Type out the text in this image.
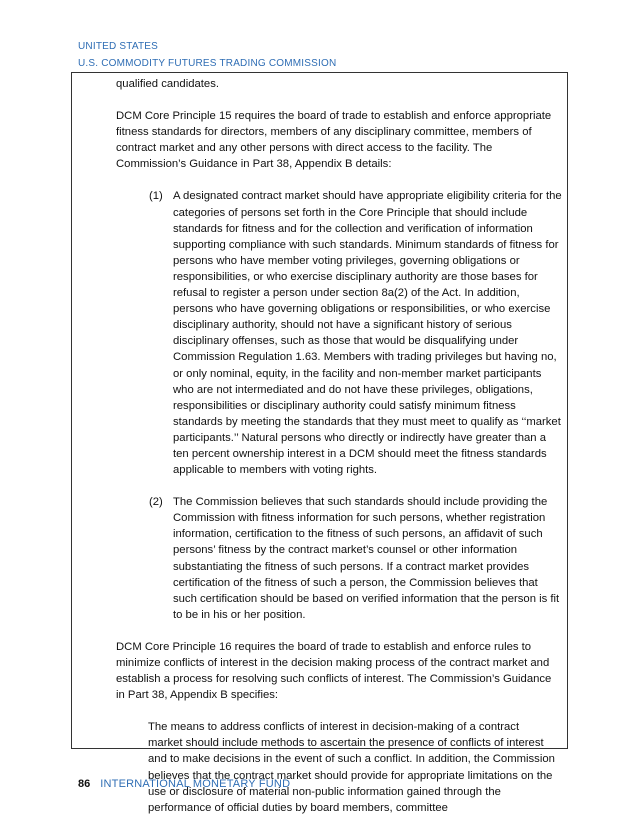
UNITED STATES
U.S. COMMODITY FUTURES TRADING COMMISSION

qualified candidates.

DCM Core Principle 15 requires the board of trade to establish and enforce appropriate fitness standards for directors, members of any disciplinary committee, members of contract market and any other persons with direct access to the facility. The Commission’s Guidance in Part 38, Appendix B details:

(1) A designated contract market should have appropriate eligibility criteria for the categories of persons set forth in the Core Principle that should include standards for fitness and for the collection and verification of information supporting compliance with such standards. Minimum standards of fitness for persons who have member voting privileges, governing obligations or responsibilities, or who exercise disciplinary authority are those bases for refusal to register a person under section 8a(2) of the Act. In addition, persons who have governing obligations or responsibilities, or who exercise disciplinary authority, should not have a significant history of serious disciplinary offenses, such as those that would be disqualifying under Commission Regulation 1.63. Members with trading privileges but having no, or only nominal, equity, in the facility and non-member market participants who are not intermediated and do not have these privileges, obligations, responsibilities or disciplinary authority could satisfy minimum fitness standards by meeting the standards that they must meet to qualify as ‘‘market participants.’’ Natural persons who directly or indirectly have greater than a ten percent ownership interest in a DCM should meet the fitness standards applicable to members with voting rights.
(2) The Commission believes that such standards should include providing the Commission with fitness information for such persons, whether registration information, certification to the fitness of such persons, an affidavit of such persons’ fitness by the contract market’s counsel or other information substantiating the fitness of such persons. If a contract market provides certification of the fitness of such a person, the Commission believes that such certification should be based on verified information that the person is fit to be in his or her position.

DCM Core Principle 16 requires the board of trade to establish and enforce rules to minimize conflicts of interest in the decision making process of the contract market and establish a process for resolving such conflicts of interest. The Commission’s Guidance in Part 38, Appendix B specifies:

The means to address conflicts of interest in decision-making of a contract market should include methods to ascertain the presence of conflicts of interest and to make decisions in the event of such a conflict. In addition, the Commission believes that the contract market should provide for appropriate limitations on the use or disclosure of material non-public information gained through the performance of official duties by board members, committee

86 INTERNATIONAL MONETARY FUND
